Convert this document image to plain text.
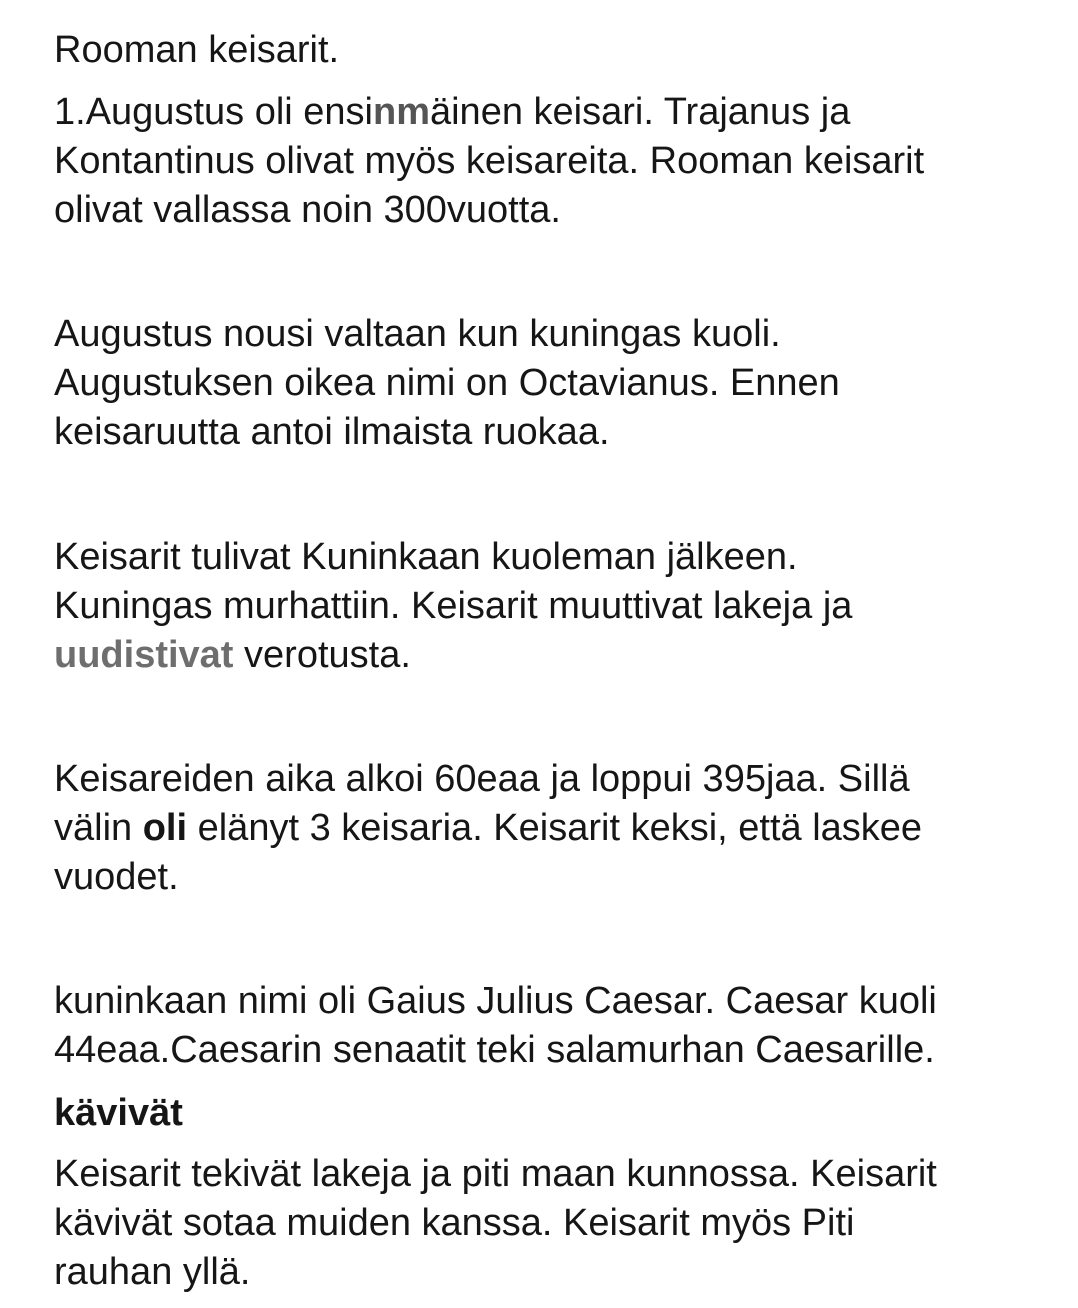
Rooman keisarit.

1.Augustus oli ensinmäinen keisari. Trajanus ja
Kontantinus olivat myös keisareita. Rooman keisarit
olivat vallassa noin 300vuotta.

Augustus nousi valtaan kun kuningas kuoli.
Augustuksen oikea nimi on Octavianus. Ennen
keisaruutta antoi ilmaista ruokaa.

Keisarit tulivat Kuninkaan kuoleman jälkeen.
Kuningas murhattiin. Keisarit muuttivat lakeja ja
uudistivat verotusta.

Keisareiden aika alkoi 60eaa ja loppui 395jaa. Sillä
välin oli elänyt 3 keisaria. Keisarit keksi, että laskee
vuodet.

kuninkaan nimi oli Gaius Julius Caesar. Caesar kuoli
44eaa.Caesarin senaatit teki salamurhan Caesarille.

kävivät

Keisarit tekivät lakeja ja piti maan kunnossa. Keisarit
kävivät sotaa muiden kanssa. Keisarit myös Piti
rauhan yllä.
